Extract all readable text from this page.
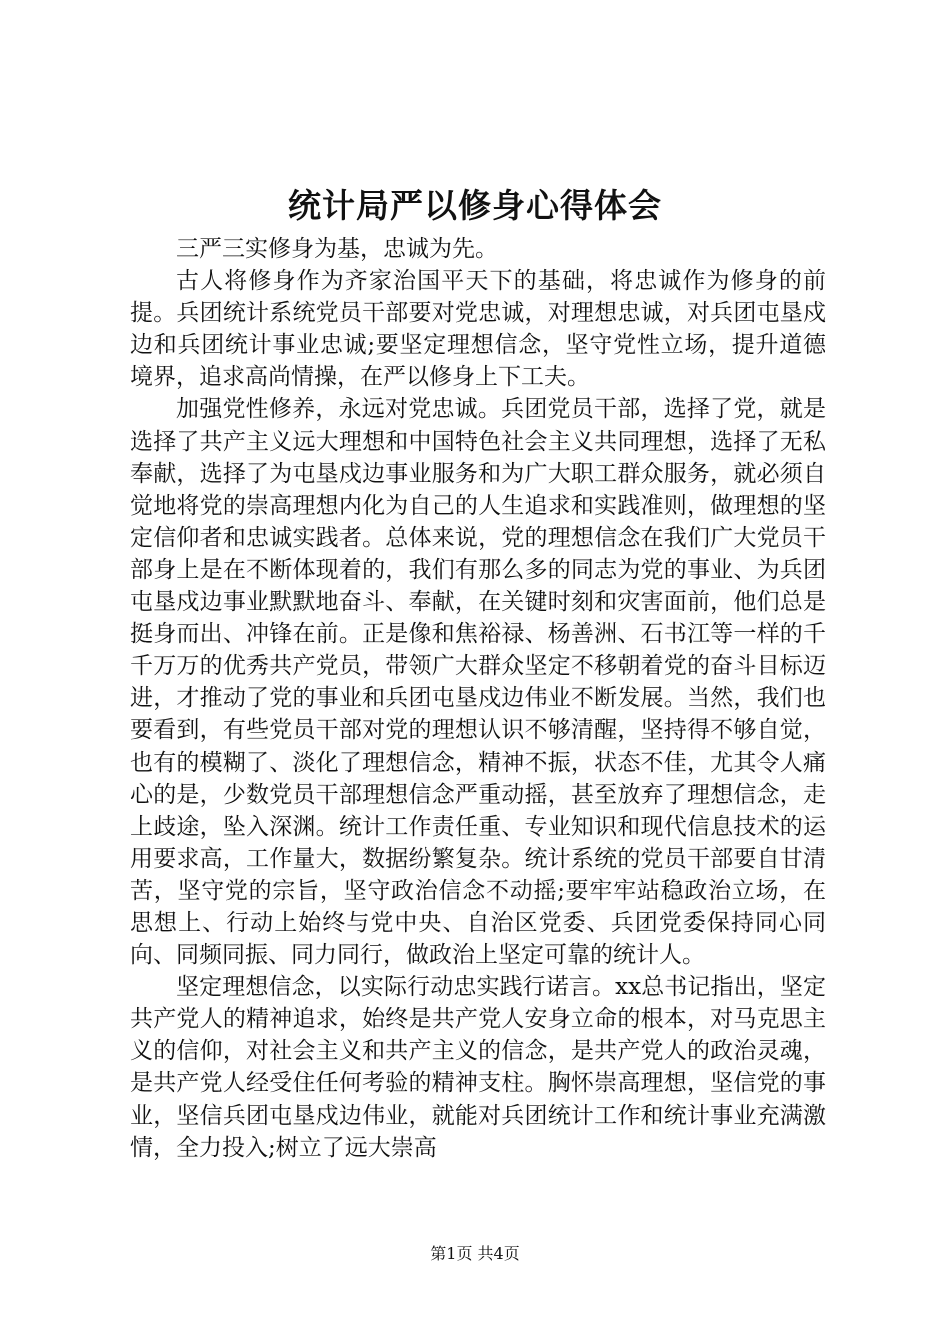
统计局严以修身心得体会

三严三实修身为基，忠诚为先。

古人将修身作为齐家治国平天下的基础，将忠诚作为修身的前提。兵团统计系统党员干部要对党忠诚，对理想忠诚，对兵团屯垦戍边和兵团统计事业忠诚;要坚定理想信念，坚守党性立场，提升道德境界，追求高尚情操，在严以修身上下工夫。

加强党性修养，永远对党忠诚。兵团党员干部，选择了党，就是选择了共产主义远大理想和中国特色社会主义共同理想，选择了无私奉献，选择了为屯垦戍边事业服务和为广大职工群众服务，就必须自觉地将党的崇高理想内化为自己的人生追求和实践准则，做理想的坚定信仰者和忠诚实践者。总体来说，党的理想信念在我们广大党员干部身上是在不断体现着的，我们有那么多的同志为党的事业、为兵团屯垦戍边事业默默地奋斗、奉献，在关键时刻和灾害面前，他们总是挺身而出、冲锋在前。正是像和焦裕禄、杨善洲、石书江等一样的千千万万的优秀共产党员，带领广大群众坚定不移朝着党的奋斗目标迈进，才推动了党的事业和兵团屯垦戍边伟业不断发展。当然，我们也要看到，有些党员干部对党的理想认识不够清醒，坚持得不够自觉，也有的模糊了、淡化了理想信念，精神不振，状态不佳，尤其令人痛心的是，少数党员干部理想信念严重动摇，甚至放弃了理想信念，走上歧途，坠入深渊。统计工作责任重、专业知识和现代信息技术的运用要求高，工作量大，数据纷繁复杂。统计系统的党员干部要自甘清苦，坚守党的宗旨，坚守政治信念不动摇;要牢牢站稳政治立场，在思想上、行动上始终与党中央、自治区党委、兵团党委保持同心同向、同频同振、同力同行，做政治上坚定可靠的统计人。

坚定理想信念，以实际行动忠实践行诺言。xx总书记指出，坚定共产党人的精神追求，始终是共产党人安身立命的根本，对马克思主义的信仰，对社会主义和共产主义的信念，是共产党人的政治灵魂，是共产党人经受住任何考验的精神支柱。胸怀崇高理想，坚信党的事业，坚信兵团屯垦戍边伟业，就能对兵团统计工作和统计事业充满激情，全力投入;树立了远大崇高

第1页 共4页
